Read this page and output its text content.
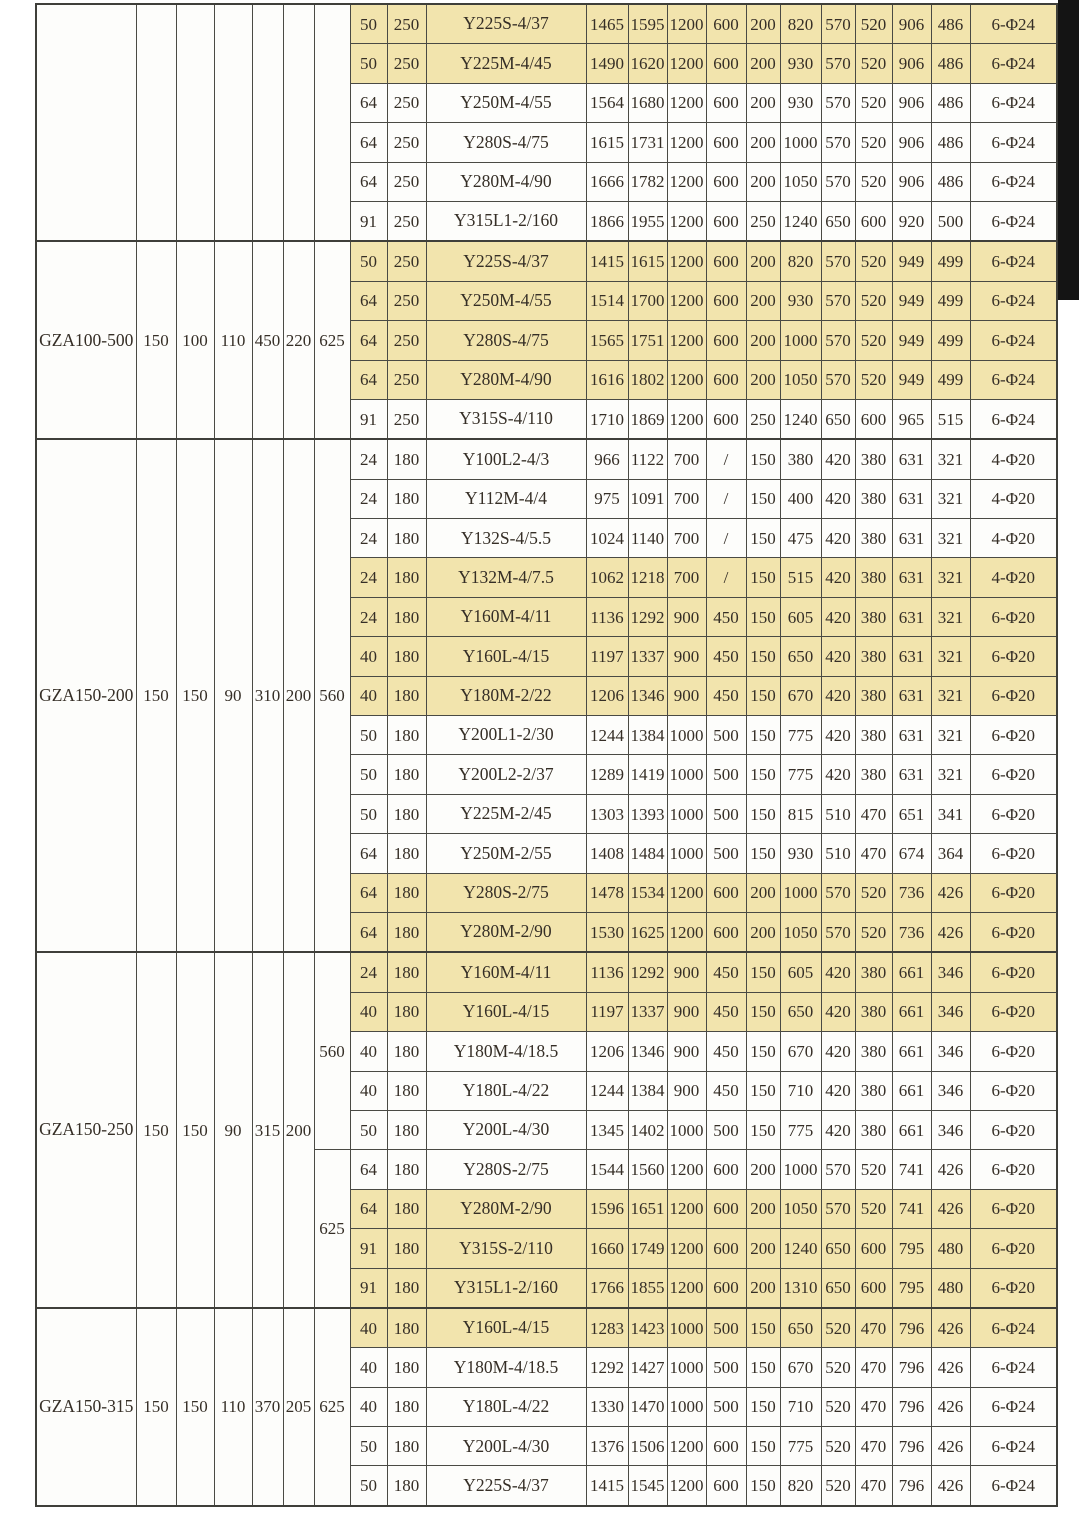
							50	250	Y225S-4/37	1465	1595	1200	600	200	820	570	520	906	486	6-Φ24
							50	250	Y225M-4/45	1490	1620	1200	600	200	930	570	520	906	486	6-Φ24
							64	250	Y250M-4/55	1564	1680	1200	600	200	930	570	520	906	486	6-Φ24
							64	250	Y280S-4/75	1615	1731	1200	600	200	1000	570	520	906	486	6-Φ24
							64	250	Y280M-4/90	1666	1782	1200	600	200	1050	570	520	906	486	6-Φ24
							91	250	Y315L1-2/160	1866	1955	1200	600	250	1240	650	600	920	500	6-Φ24
GZA100-500	150	100	110	450	220	625	50	250	Y225S-4/37	1415	1615	1200	600	200	820	570	520	949	499	6-Φ24
							64	250	Y250M-4/55	1514	1700	1200	600	200	930	570	520	949	499	6-Φ24
							64	250	Y280S-4/75	1565	1751	1200	600	200	1000	570	520	949	499	6-Φ24
							64	250	Y280M-4/90	1616	1802	1200	600	200	1050	570	520	949	499	6-Φ24
							91	250	Y315S-4/110	1710	1869	1200	600	250	1240	650	600	965	515	6-Φ24
GZA150-200	150	150	90	310	200	560	24	180	Y100L2-4/3	966	1122	700	/	150	380	420	380	631	321	4-Φ20
							24	180	Y112M-4/4	975	1091	700	/	150	400	420	380	631	321	4-Φ20
							24	180	Y132S-4/5.5	1024	1140	700	/	150	475	420	380	631	321	4-Φ20
							24	180	Y132M-4/7.5	1062	1218	700	/	150	515	420	380	631	321	4-Φ20
							24	180	Y160M-4/11	1136	1292	900	450	150	605	420	380	631	321	6-Φ20
							40	180	Y160L-4/15	1197	1337	900	450	150	650	420	380	631	321	6-Φ20
							40	180	Y180M-2/22	1206	1346	900	450	150	670	420	380	631	321	6-Φ20
							50	180	Y200L1-2/30	1244	1384	1000	500	150	775	420	380	631	321	6-Φ20
							50	180	Y200L2-2/37	1289	1419	1000	500	150	775	420	380	631	321	6-Φ20
							50	180	Y225M-2/45	1303	1393	1000	500	150	815	510	470	651	341	6-Φ20
							64	180	Y250M-2/55	1408	1484	1000	500	150	930	510	470	674	364	6-Φ20
							64	180	Y280S-2/75	1478	1534	1200	600	200	1000	570	520	736	426	6-Φ20
							64	180	Y280M-2/90	1530	1625	1200	600	200	1050	570	520	736	426	6-Φ20
GZA150-250	150	150	90	315	200	560	24	180	Y160M-4/11	1136	1292	900	450	150	605	420	380	661	346	6-Φ20
							40	180	Y160L-4/15	1197	1337	900	450	150	650	420	380	661	346	6-Φ20
							40	180	Y180M-4/18.5	1206	1346	900	450	150	670	420	380	661	346	6-Φ20
							40	180	Y180L-4/22	1244	1384	900	450	150	710	420	380	661	346	6-Φ20
							50	180	Y200L-4/30	1345	1402	1000	500	150	775	420	380	661	346	6-Φ20
						625	64	180	Y280S-2/75	1544	1560	1200	600	200	1000	570	520	741	426	6-Φ20
							64	180	Y280M-2/90	1596	1651	1200	600	200	1050	570	520	741	426	6-Φ20
							91	180	Y315S-2/110	1660	1749	1200	600	200	1240	650	600	795	480	6-Φ20
							91	180	Y315L1-2/160	1766	1855	1200	600	200	1310	650	600	795	480	6-Φ20
GZA150-315	150	150	110	370	205	625	40	180	Y160L-4/15	1283	1423	1000	500	150	650	520	470	796	426	6-Φ24
							40	180	Y180M-4/18.5	1292	1427	1000	500	150	670	520	470	796	426	6-Φ24
							40	180	Y180L-4/22	1330	1470	1000	500	150	710	520	470	796	426	6-Φ24
							50	180	Y200L-4/30	1376	1506	1200	600	150	775	520	470	796	426	6-Φ24
							50	180	Y225S-4/37	1415	1545	1200	600	150	820	520	470	796	426	6-Φ24
